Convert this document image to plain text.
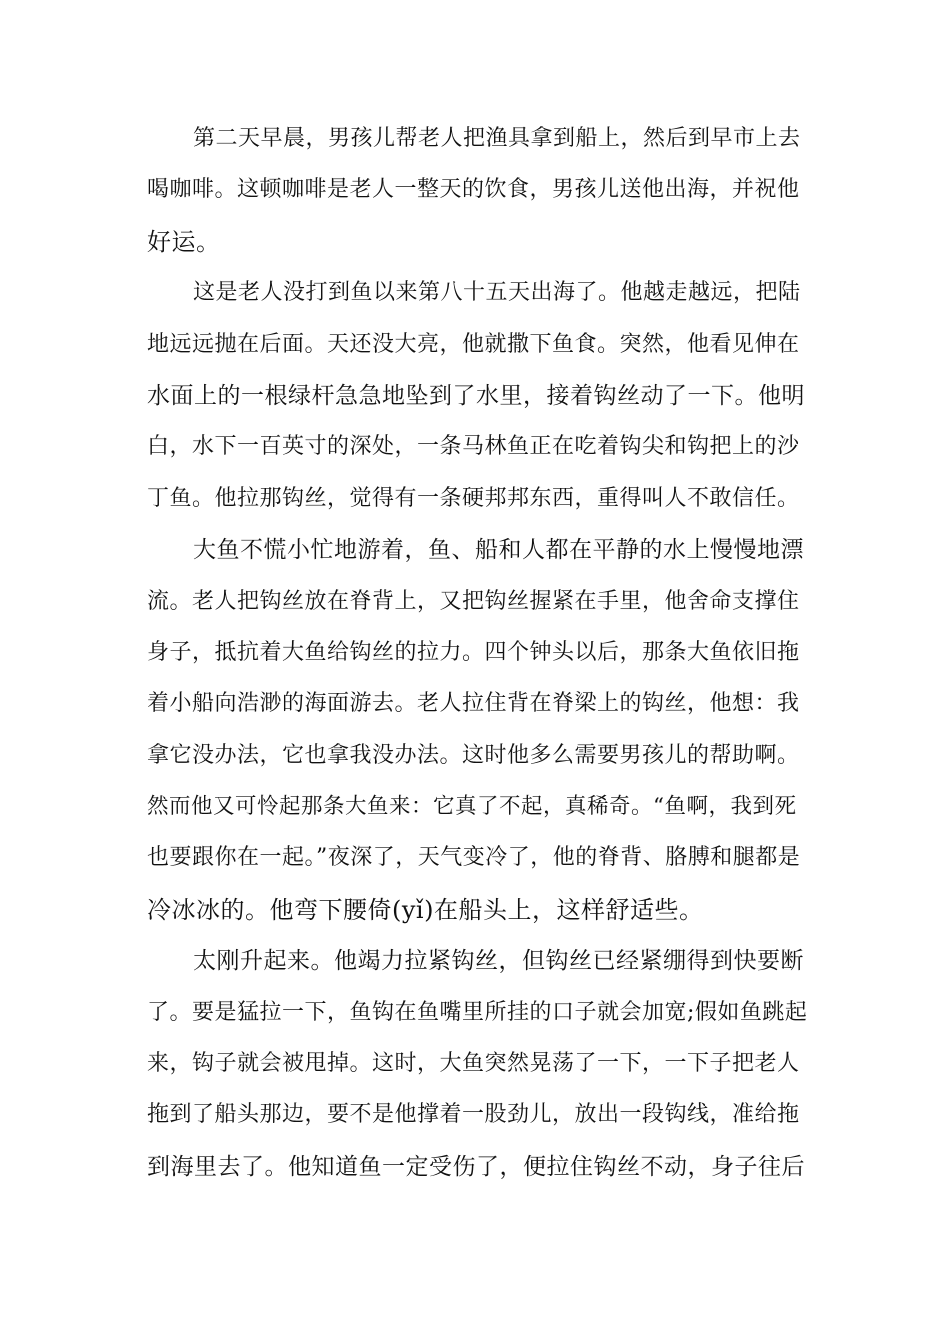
第二天早晨，男孩儿帮老人把渔具拿到船上，然后到早市上去
喝咖啡。这顿咖啡是老人一整天的饮食，男孩儿送他出海，并祝他
好运。
这是老人没打到鱼以来第八十五天出海了。他越走越远，把陆
地远远抛在后面。天还没大亮，他就撒下鱼食。突然，他看见伸在
水面上的一根绿杆急急地坠到了水里，接着钩丝动了一下。他明
白，水下一百英寸的深处，一条马林鱼正在吃着钩尖和钩把上的沙
丁鱼。他拉那钩丝，觉得有一条硬邦邦东西，重得叫人不敢信任。
大鱼不慌小忙地游着，鱼、船和人都在平静的水上慢慢地漂
流。老人把钩丝放在脊背上，又把钩丝握紧在手里，他舍命支撑住
身子，抵抗着大鱼给钩丝的拉力。四个钟头以后，那条大鱼依旧拖
着小船向浩渺的海面游去。老人拉住背在脊梁上的钩丝，他想：我
拿它没办法，它也拿我没办法。这时他多么需要男孩儿的帮助啊。
然而他又可怜起那条大鱼来：它真了不起，真稀奇。“鱼啊，我到死
也要跟你在一起。”夜深了，天气变冷了，他的脊背、胳膊和腿都是
冷冰冰的。他弯下腰倚(yǐ)在船头上，这样舒适些。
太刚升起来。他竭力拉紧钩丝，但钩丝已经紧绷得到快要断
了。要是猛拉一下，鱼钩在鱼嘴里所挂的口子就会加宽;假如鱼跳起
来，钩子就会被甩掉。这时，大鱼突然晃荡了一下，一下子把老人
拖到了船头那边，要不是他撑着一股劲儿，放出一段钩线，准给拖
到海里去了。他知道鱼一定受伤了，便拉住钩丝不动，身子往后
